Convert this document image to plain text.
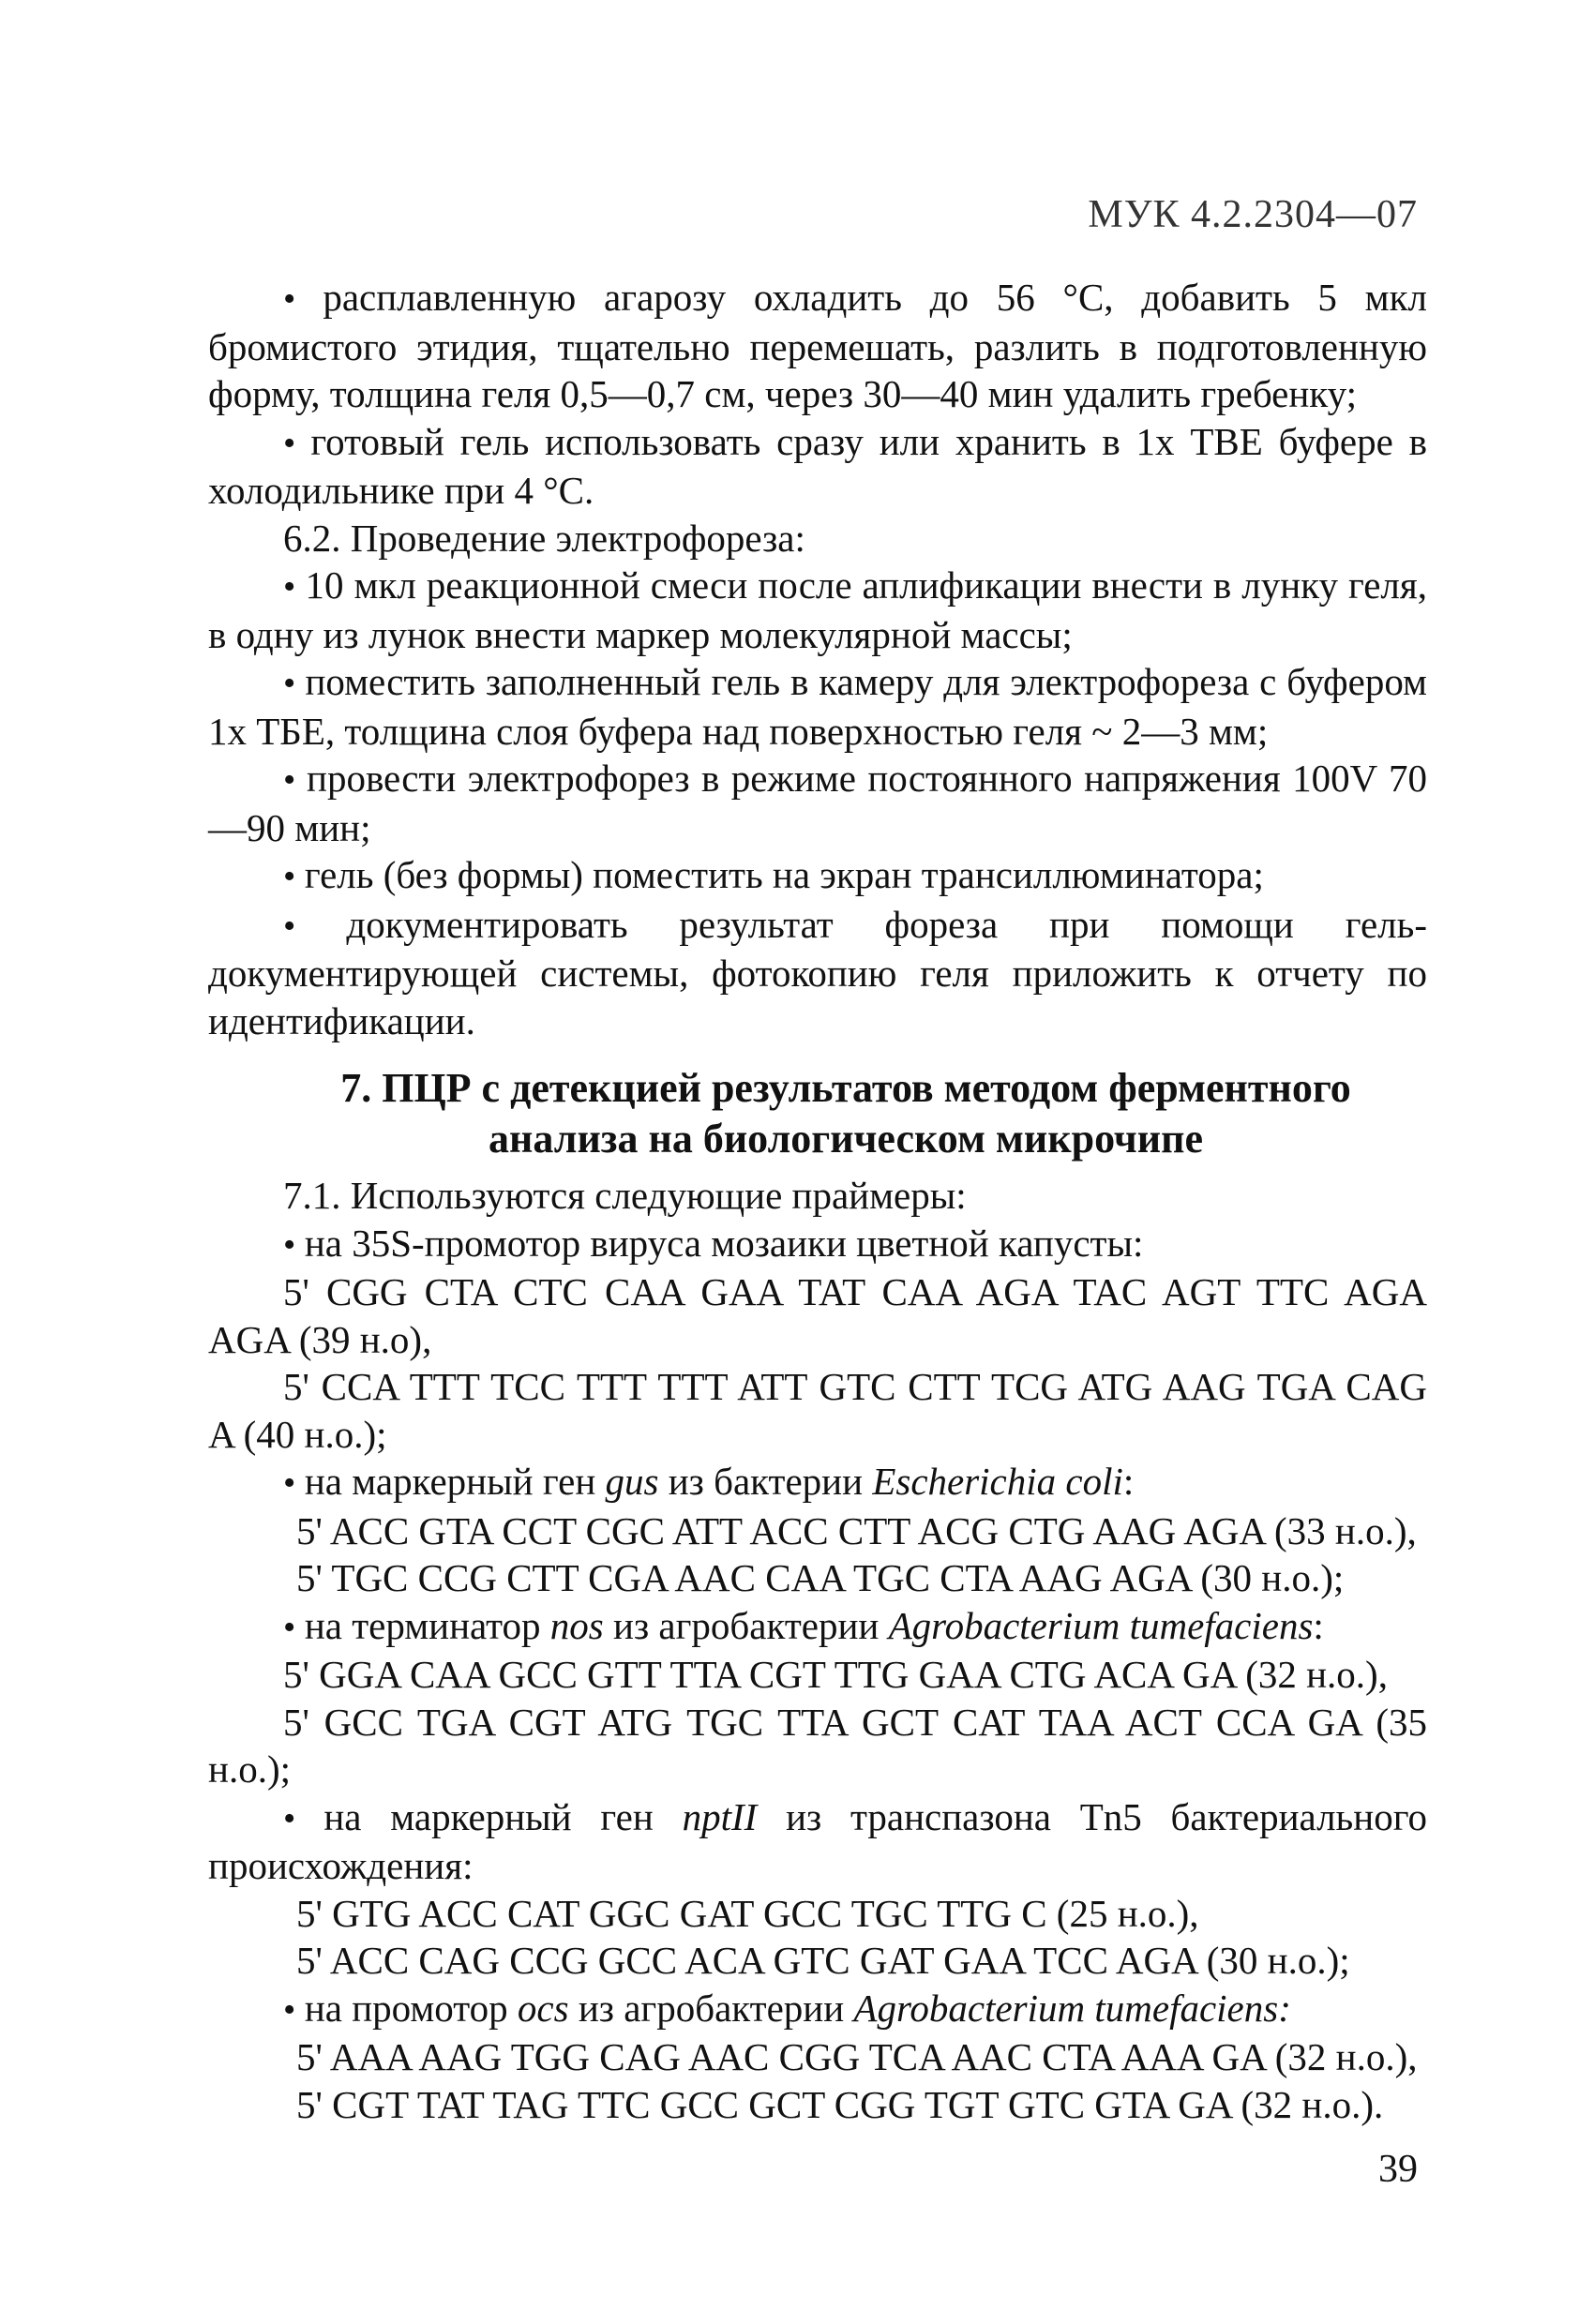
МУК 4.2.2304—07

• расплавленную агарозу охладить до 56 °С, добавить 5 мкл бромистого этидия, тщательно перемешать, разлить в подготовленную форму, толщина геля 0,5—0,7 см, через 30—40 мин удалить гребенку;

• готовый гель использовать сразу или хранить в 1х ТВЕ буфере в холодильнике при 4 °С.

6.2. Проведение электрофореза:

• 10 мкл реакционной смеси после аплификации внести в лунку геля, в одну из лунок внести маркер молекулярной массы;

• поместить заполненный гель в камеру для электрофореза с буфером 1х ТБЕ, толщина слоя буфера над поверхностью геля ~ 2—3 мм;

• провести электрофорез в режиме постоянного напряжения 100V 70—90 мин;

• гель (без формы) поместить на экран трансиллюминатора;

• документировать результат фореза при помощи гель-документирующей системы, фотокопию геля приложить к отчету по идентификации.

7. ПЦР с детекцией результатов методом ферментного анализа на биологическом микрочипе

7.1. Используются следующие праймеры:

• на 35S-промотор вируса мозаики цветной капусты:

5' CGG CTA CTC CAA GAA TAT CAA AGA TAC AGT TTC AGA AGA (39 н.о),

5' CCA TTT TCC TTT TTT ATT GTC CTT TCG ATG AAG TGA CAG A (40 н.о.);

• на маркерный ген gus из бактерии Escherichia coli:

5' ACC GTA CCT CGC ATT ACC CTT ACG CTG AAG AGA (33 н.о.),

5' TGC CCG CTT CGA AAC CAA TGC CTA AAG AGA (30 н.о.);

• на терминатор nos из агробактерии Agrobacterium tumefaciens:

5' GGA CAA GCC GTT TTA CGT TTG GAA CTG ACA GA (32 н.о.),

5' GCC TGA CGT ATG TGC TTA GCT CAT TAA ACT CCA GA (35 н.о.);

• на маркерный ген nptII из транспазона Tn5 бактериального происхождения:

5' GTG ACC CAT GGC GAT GCC TGC TTG C (25 н.о.),

5' ACC CAG CCG GCC ACA GTC GAT GAA TCC AGA (30 н.о.);

• на промотор ocs из агробактерии Agrobacterium tumefaciens:

5' AAA AAG TGG CAG AAC CGG TCA AAC CTA AAA GA (32 н.о.),

5' CGT TAT TAG TTC GCC GCT CGG TGT GTC GTA GA (32 н.о.).

39
